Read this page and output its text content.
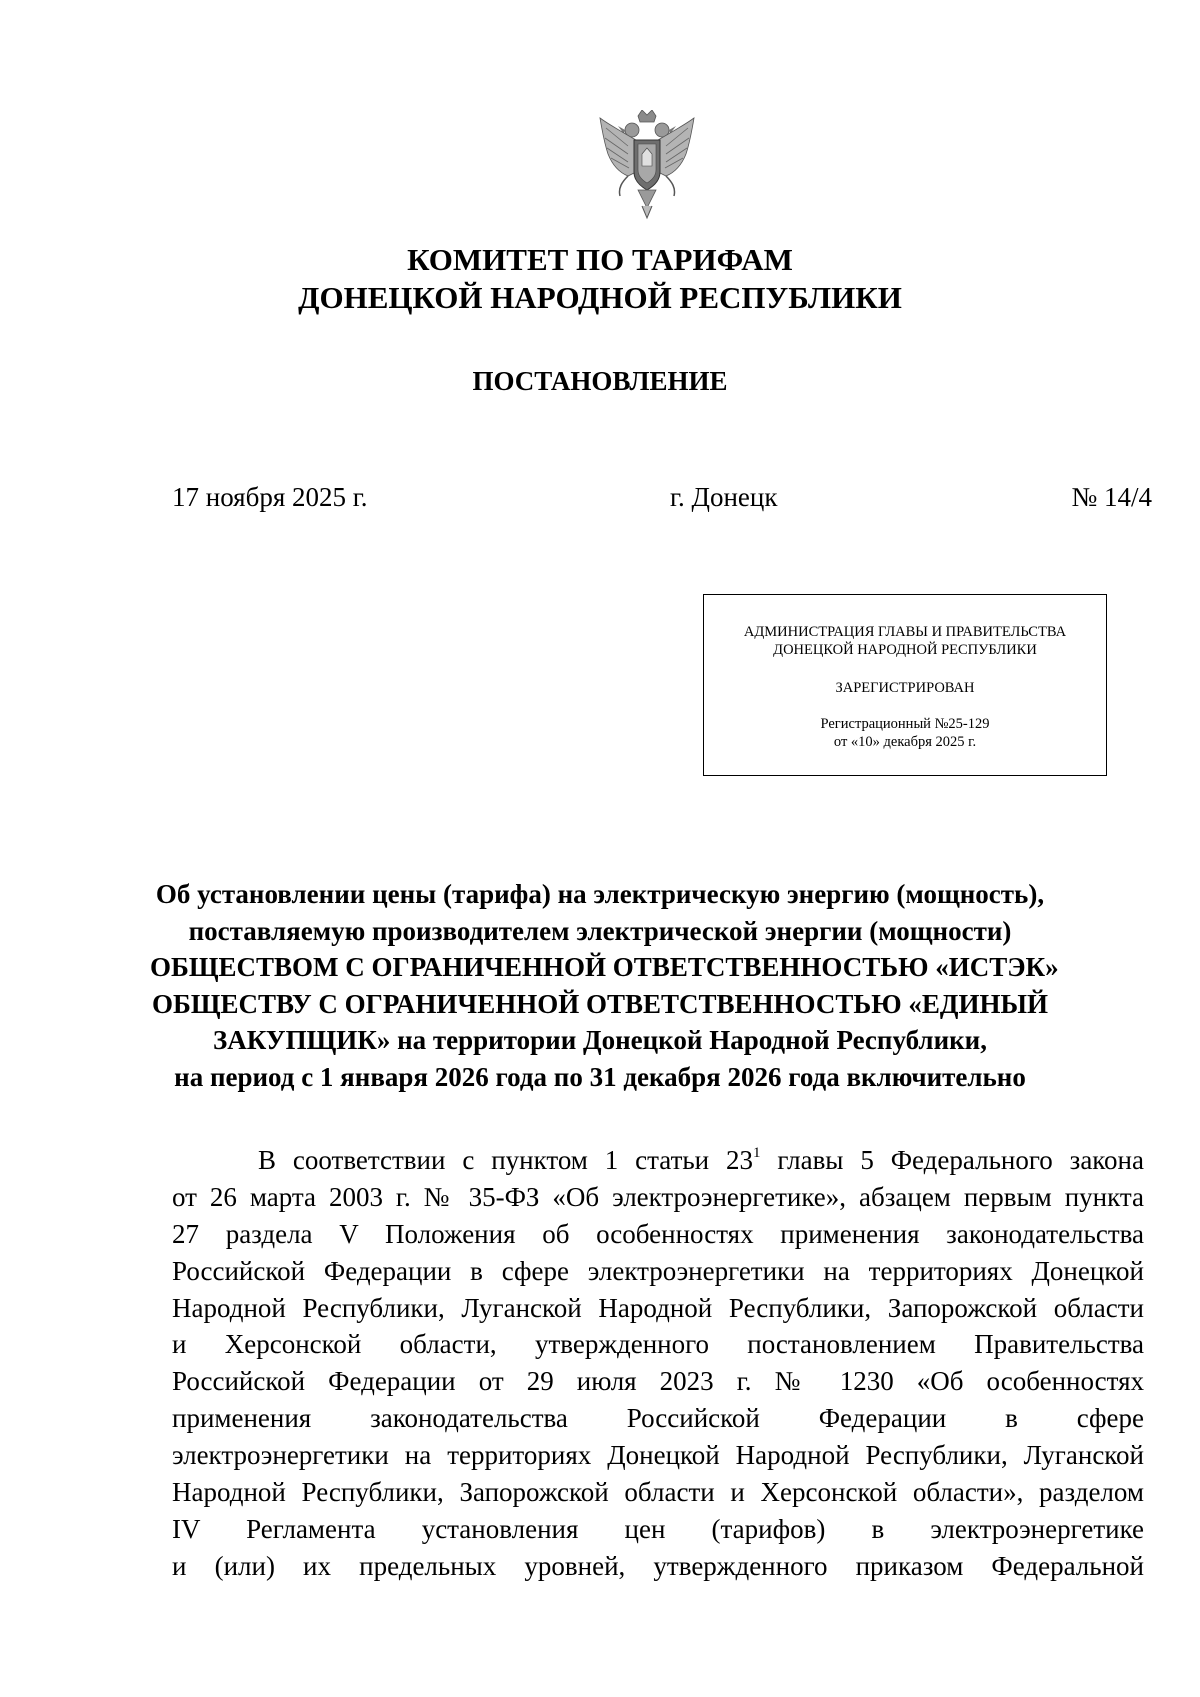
КОМИТЕТ ПО ТАРИФАМ
ДОНЕЦКОЙ НАРОДНОЙ РЕСПУБЛИКИ
ПОСТАНОВЛЕНИЕ
17 ноября 2025 г.	г. Донецк	№ 14/4
АДМИНИСТРАЦИЯ ГЛАВЫ И ПРАВИТЕЛЬСТВА
ДОНЕЦКОЙ НАРОДНОЙ РЕСПУБЛИКИ
ЗАРЕГИСТРИРОВАН
Регистрационный №25-129
от «10» декабря 2025 г.
Об установлении цены (тарифа) на электрическую энергию (мощность),
поставляемую производителем электрической энергии (мощности)
ОБЩЕСТВОМ С ОГРАНИЧЕННОЙ ОТВЕТСТВЕННОСТЬЮ «ИСТЭК»
ОБЩЕСТВУ С ОГРАНИЧЕННОЙ ОТВЕТСТВЕННОСТЬЮ «ЕДИНЫЙ
ЗАКУПЩИК» на территории Донецкой Народной Республики,
на период с 1 января 2026 года по 31 декабря 2026 года включительно
В соответствии с пунктом 1 статьи $23^1$ главы 5 Федерального закона
от 26 марта 2003 г. № 35-ФЗ «Об электроэнергетике», абзацем первым пункта
27 раздела V Положения об особенностях применения законодательства
Российской Федерации в сфере электроэнергетики на территориях Донецкой
Народной Республики, Луганской Народной Республики, Запорожской области
и Херсонской области, утвержденного постановлением Правительства
Российской Федерации от 29 июля 2023 г. № 1230 «Об особенностях
применения законодательства Российской Федерации в сфере
электроэнергетики на территориях Донецкой Народной Республики, Луганской
Народной Республики, Запорожской области и Херсонской области», разделом
IV Регламента установления цен (тарифов) в электроэнергетике
и (или) их предельных уровней, утвержденного приказом Федеральной
